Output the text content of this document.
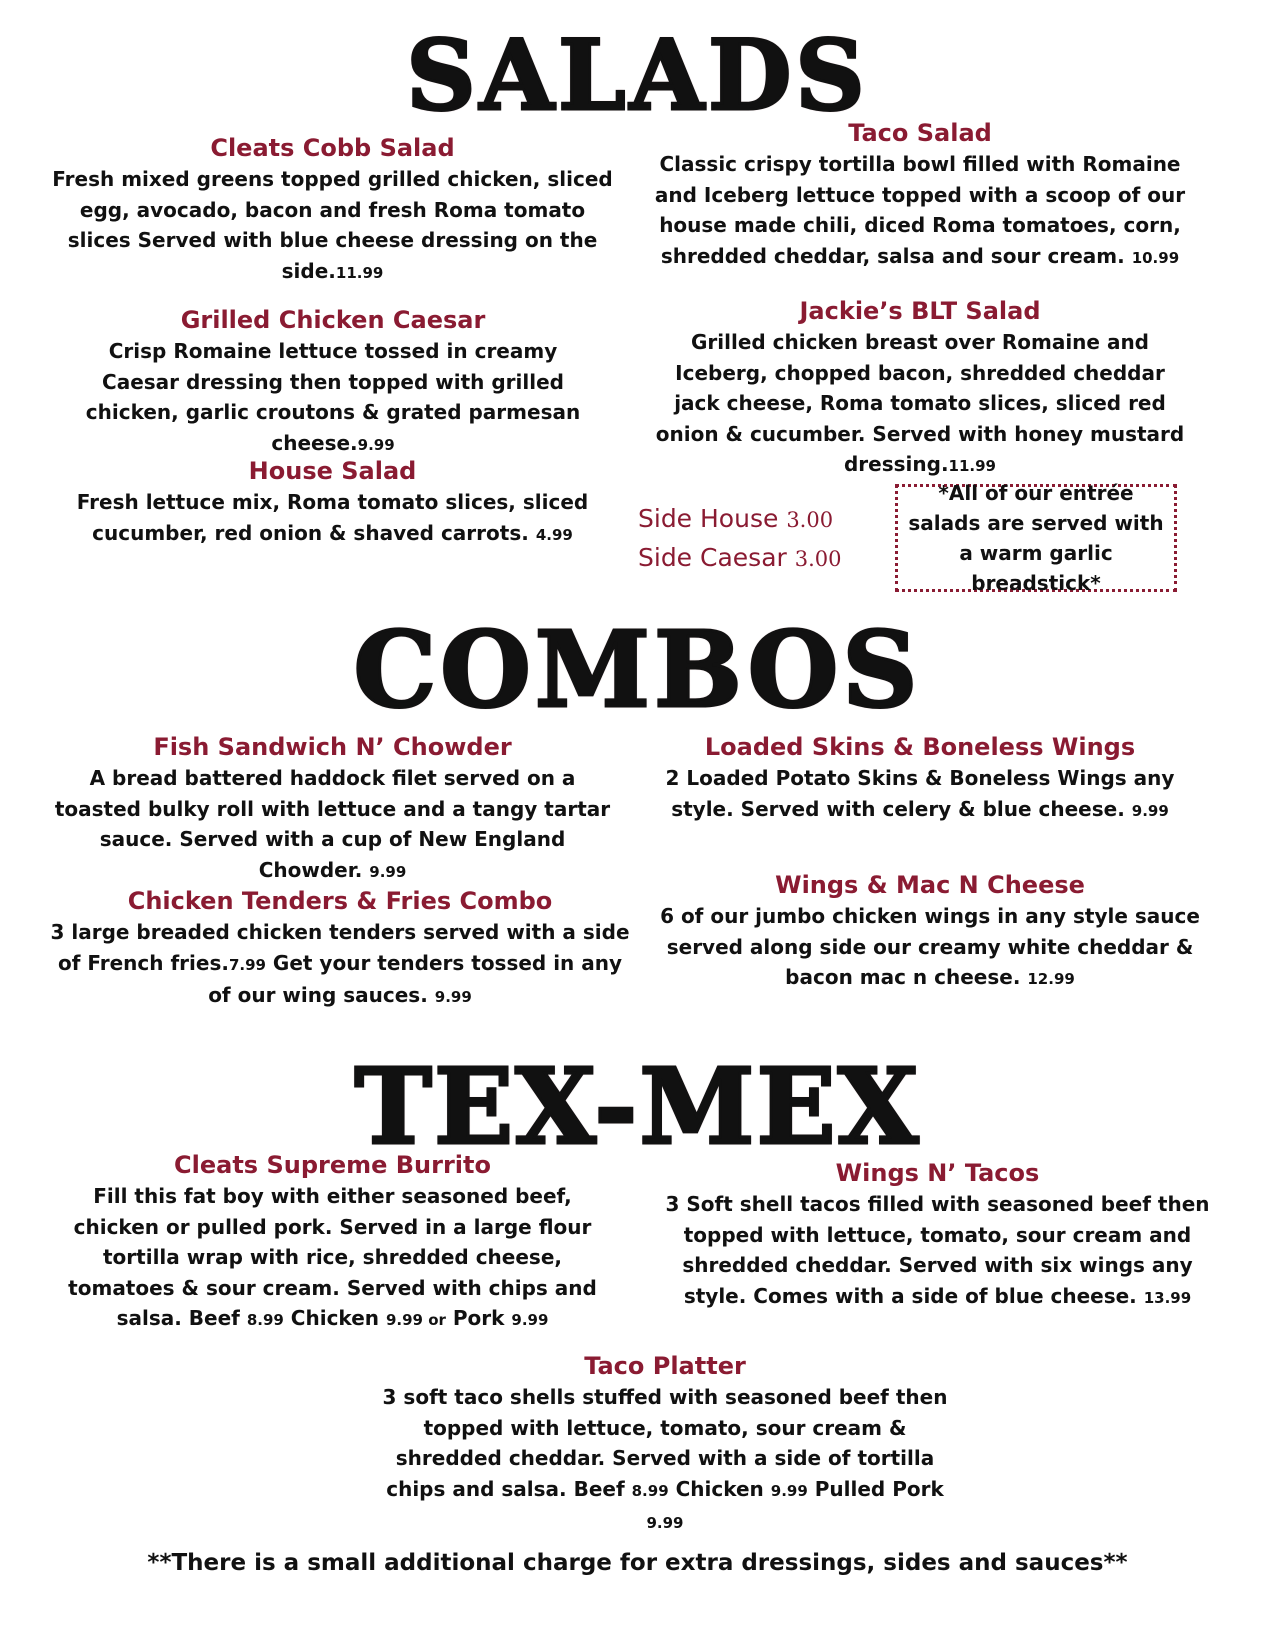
SALADS
Cleats Cobb Salad
Fresh mixed greens topped grilled chicken, sliced egg, avocado, bacon and fresh Roma tomato slices Served with blue cheese dressing on the side.11.99
Taco Salad
Classic crispy tortilla bowl filled with Romaine and Iceberg lettuce topped with a scoop of our house made chili, diced Roma tomatoes, corn, shredded cheddar, salsa and sour cream. 10.99
Grilled Chicken Caesar
Crisp Romaine lettuce tossed in creamy Caesar dressing then topped with grilled chicken, garlic croutons & grated parmesan cheese.9.99
Jackie’s BLT Salad
Grilled chicken breast over Romaine and Iceberg, chopped bacon, shredded cheddar jack cheese, Roma tomato slices, sliced red onion & cucumber. Served with honey mustard dressing.11.99
House Salad
Fresh lettuce mix, Roma tomato slices, sliced cucumber, red onion & shaved carrots. 4.99
Side House 3.00
Side Caesar 3.00
*All of our entrée salads are served with a warm garlic breadstick*
COMBOS
Fish Sandwich N’ Chowder
A bread battered haddock filet served on a toasted bulky roll with lettuce and a tangy tartar sauce. Served with a cup of New England Chowder. 9.99
Loaded Skins & Boneless Wings
2 Loaded Potato Skins & Boneless Wings any style. Served with celery & blue cheese. 9.99
Chicken Tenders & Fries Combo
3 large breaded chicken tenders served with a side of French fries.7.99 Get your tenders tossed in any of our wing sauces. 9.99
Wings & Mac N Cheese
6 of our jumbo chicken wings in any style sauce served along side our creamy white cheddar & bacon mac n cheese. 12.99
TEX-MEX
Cleats Supreme Burrito
Fill this fat boy with either seasoned beef, chicken or pulled pork. Served in a large flour tortilla wrap with rice, shredded cheese, tomatoes & sour cream. Served with chips and salsa. Beef 8.99 Chicken 9.99 or Pork 9.99
Wings N’ Tacos
3 Soft shell tacos filled with seasoned beef then topped with lettuce, tomato, sour cream and shredded cheddar. Served with six wings any style. Comes with a side of blue cheese. 13.99
Taco Platter
3 soft taco shells stuffed with seasoned beef then topped with lettuce, tomato, sour cream & shredded cheddar. Served with a side of tortilla chips and salsa. Beef 8.99 Chicken 9.99 Pulled Pork 9.99
**There is a small additional charge for extra dressings, sides and sauces**
